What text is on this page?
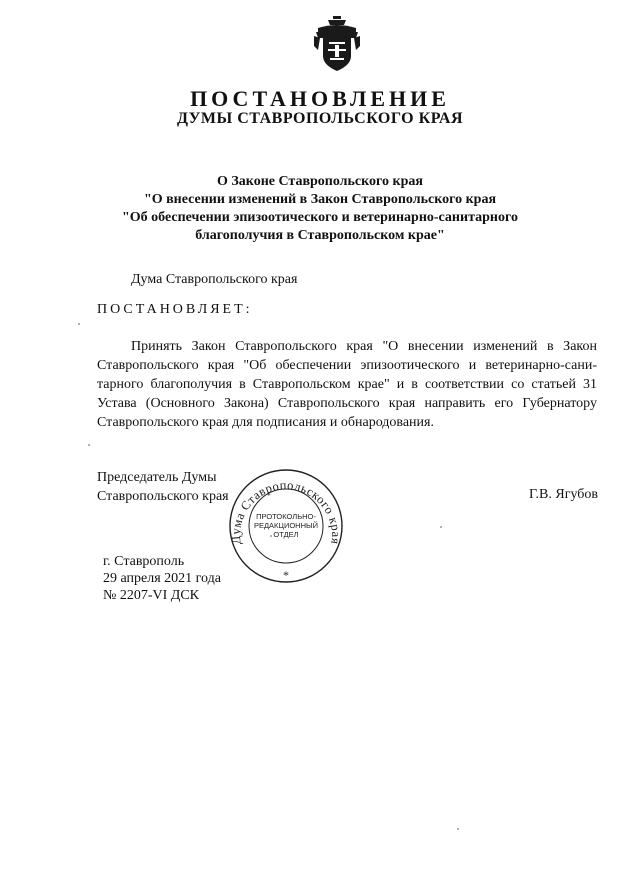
ПОСТАНОВЛЕНИЕ
ДУМЫ СТАВРОПОЛЬСКОГО КРАЯ
О Законе Ставропольского края
"О внесении изменений в Закон Ставропольского края
"Об обеспечении эпизоотического и ветеринарно-санитарного
благополучия в Ставропольском крае"
Дума Ставропольского края
ПОСТАНОВЛЯЕТ:
Принять Закон Ставропольского края "О внесении изменений в Закон
Ставропольского края "Об обеспечении эпизоотического и ветеринарно-сани-
тарного благополучия в Ставропольском крае" и в соответствии со статьей 31
Устава (Основного Закона) Ставропольского края направить его Губернатору
Ставропольского края для подписания и обнародования.
Председатель Думы
Ставропольского края	Г.В. Ягубов
г. Ставрополь
29 апреля 2021 года
№ 2207-VI ДСК
Дума Ставропольского края
ПРОТОКОЛЬНО-
РЕДАКЦИОННЫЙ
ОТДЕЛ
*
